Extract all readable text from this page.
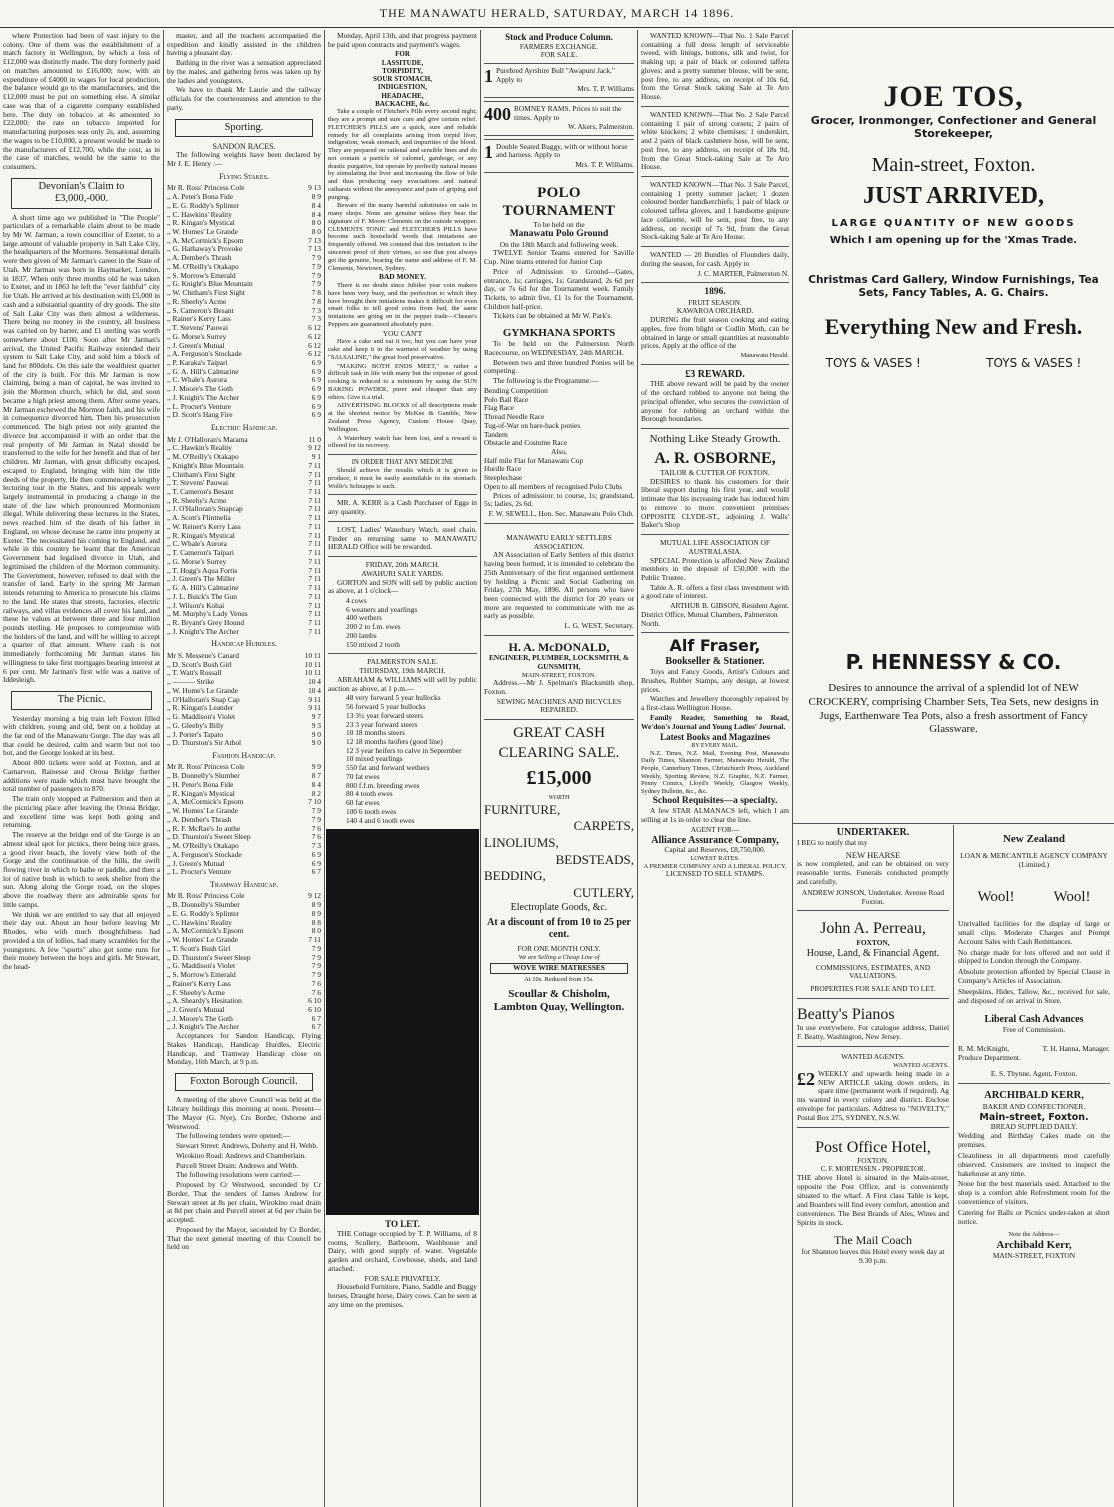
THE MANAWATU HERALD, SATURDAY, MARCH 14 1896.

where Protection had been of vast injury to the colony. One of them was the establishment of a match factory in Wellington, by which a loss of £12,000 was distinctly made. The duty formerly paid on matches amounted to £16,000; now, with an expenditure of £4000 in wages for local production, the balance would go to the manufacturers, and the £12,000 must be put on something else. A similar case was that of a cigarette company established here. The duty on tobacco at 4s amounted to £22,000; the rate on tobacco imported for manufacturing purposes was only 2s, and, assuming the wages to be £10,000, a present would be made to the manufacturers of £12,700, while the cost, as in the case of matches, would be the same to the consumers.

Devonian's Claim to £3,000,-000.

A short time ago we published in "The People" particulars of a remarkable claim about to be made by Mr W. Jarman, a town councillor of Exeter, to a large amount of valuable property in Salt Lake City, the headquarters of the Mormons. Sensational details were then given of Mr Jarman's career in the State of Utah. Mr Jarman was born in Haymarket, London, in 1837. When only three months old he was taken to Exeter, and in 1863 he left the "ever faithful" city for Utah. He arrived at his destination with £5,000 in cash and a substantial quantity of dry goods. The site of Salt Lake City was then almost a wilderness. There being no money in the country, all business was carried on by barter, and £1 sterling was worth somewhere about £100. Soon after Mr Jarman's arrival, the United Pacific Railway extended their system to Salt Lake City, and sold him a block of land for 800dols. On this sale the wealthiest quarter of the city is built. For this Mr Jarman is now claiming, being a man of capital, he was invited to join the Mormon church, which he did, and soon became a high priest among them. After some years, Mr Jarman eschewed the Mormon faith, and his wife in consequence divorced him. Then his prosecution commenced. The high priest not only granted the divorce but accompanied it with an order that the real property of Mr Jarman in Natal should be transferred to the wife for her benefit and that of her children. Mr Jarman, with great difficulty escaped, escaped to England, bringing with him the title deeds of the property. He then commenced a lengthy lecturing tour in the States, and his appeals were largely instrumental in producing a change in the state of the law which pronounced Mormonism illegal. While delivering these lectures in the States, news reached him of the death of his father in England, on whose decease he came into property at Exeter. The necessitated his coming to England, and while in this country he learnt that the American Government had legalised divorce in Utah, and legitimised the children of the Mormon community. The Government, however, refused to deal with the transfer of land. Early in the spring Mr Jarman intends returning to America to prosecute his claims to the land. He states that streets, factories, electric railways, and villas evidences all cover his land, and these he values at between three and four million pounds sterling. He proposes to compromise with the holders of the land, and will be willing to accept a quarter of that amount. Where cash is not immediately forthcoming Mr Jarman states his willingness to take first mortgages bearing interest at 6 per cent. Mr Jarman's first wife was a native of Iddesleigh.

The Picnic.

Yesterday morning a big train left Foxton filled with children, young and old, bent on a holiday at the far end of the Manawatu Gorge. The day was all that could be desired, calm and warm but not too hot, and the George looked at its best.

About 800 tickets were sold at Foxton, and at Carnarvon, Rainesse and Oroua Bridge further additions were made which must have brought the total number of passengers to 870.

The train only stopped at Palmerston and then at the picnicing place after leaving the Oroua Bridge, and excellent time was kept both going and returning.

The reserve at the bridge end of the Gorge is an almost ideal spot for picnics, there being nice grass, a good river beach, the lovely view both of the Gorge and the continuation of the hills, the swift flowing river in which to bathe or paddle, and then a lot of native bush in which to seek shelter from the sun. Along along the Gorge road, on the slopes above the roadway there are admirable spots for little camps.

We think we are entitled to say that all enjoyed their day out. About an hour before leaving Mr Rhodes, who with much thoughtfulness had provided a tin of lollies, had many scrambles for the youngsters. A few "sports" also got some runs for their money between the boys and girls. Mr Stewart, the head-

master, and all the teachers accompanied the expedition and kindly assisted in the children having a pleasant day.

Bathing in the river was a sensation appreciated by the males, and gathering ferns was taken up by the ladies and youngsters.

We have to thank Mr Laurie and the railway officials for the courteousness and attention to the party.

Sporting.
SANDON RACES.

The following weights have been declared by Mr J. E. Henry :—

Flying Stakes.
Mr R. Ross' Princess Cole	9 13
,, A. Peter's Bona Fide	8 9
,, E. G. Roddy's Splinter	8 4
,, C. Hawkins' Reality	8 4
,, R. Kingan's Mystical	8 0
,, W. Homes' Le Grande	8 0
,, A. McCormick's Epsom	7 13
,, G. Hathaway's Provoke	7 13
,, A. Dember's Thrash	7 9
,, M. O'Reilly's Otakapo	7 9
,, S. Morrow's Emerald	7 9
,, G. Knight's Blue Mountain	7 9
,, W. Chitham's First Sight	7 8
,, R. Sheehy's Acme	7 8
,, S. Cameron's Besant	7 3
,, Rainer's Kerry Lass	7 3
,, T. Stevens' Pauwai	6 12
,, G. Morse's Surrey	6 12
,, J. Green's Mutual	6 12
,, A. Ferguson's Stockade	6 12
,, P. Karaka's Taipari	6 9
,, G. A. Hill's Calmarine	6 9
,, C. Whale's Aurora	6 9
,, J. Moore's The Goth	6 9
,, J. Knight's The Archer	6 9
,, L. Procter's Venture	6 9
,, D. Scott's Hang Fire	6 9
Electric Handicap.
Mr J. O'Halloran's Marama	11 0
,, C. Hawkin's Reality	9 12
,, M. O'Reilly's Otakapo	9 1
,, Knight's Blue Mountain	7 11
,, Chitham's First Sight	7 11
,, T. Stevens' Pauwai	7 11
,, T. Cameron's Besant	7 11
,, R. Sheehy's Acme	7 11
,, J. O'Halloran's Snapcap	7 11
,, A. Scott's Flintnelia	7 11
,, W. Reiner's Kerry Lass	7 11
,, R. Kingan's Mystical	7 11
,, C. Whale's Aurora	7 11
,, T. Cameron's Taipari	7 11
,, G. Morse's Surrey	7 11
,, T. Hogg's Aqua Fortis	7 11
,, J. Green's The Miller	7 11
,, G. A. Hill's Calmarine	7 11
,, J. L. Buick's The Gun	7 11
,, J. Wilson's Kohai	7 11
,, M. Murphy's Lady Venus	7 11
,, R. Bryant's Grey Hound	7 11
,, J. Knight's The Archer	7 11
Handicap Hurdles.
Mr S. Messene's Canard	10 11
,, D. Scott's Bush Girl	10 11
,, T. Watt's Rossall	10 11
,, ——— Strike	10 4
,, W. Home's Le Grande	10 4
,, O'Halloran's Snap Cap	9 11
,, R. Kingan's Leander	9 11
,, G. Maddison's Violet	9 7
,, G. Gleeby's Billy	9 3
,, J. Porter's Tapato	9 0
,, D. Thurston's Sir Athol	9 0
Fashion Handicap.
Mr R. Ross' Princess Cole	9 9
,, B. Donnelly's Slumber	8 7
,, H. Peter's Bona Fide	8 4
,, R. Kingan's Mystical	8 2
,, A. McCormick's Epsom	7 10
,, W. Homes' Le Grande	7 9
,, A. Dember's Thrash	7 9
,, R. F. McRae's Jo anthe	7 6
,, D. Thurston's Sweet Sleep	7 6
,, M. O'Reilly's Otakapo	7 3
,, A. Ferguson's Stockade	6 9
,, J. Green's Mutual	6 9
,, L. Procter's Venture	6 7
Tramway Handicap.
Mr R. Ross' Princess Cole	9 12
,, B. Donnelly's Slumber	8 9
,, E. G. Roddy's Splinter	8 9
,, C. Hawkins' Reality	8 8
,, A. McCormick's Epsom	8 0
,, W. Homes' Le Grande	7 11
,, T. Scott's Bush Girl	7 9
,, D. Thurston's Sweet Sleep	7 9
,, G. Maddison's Violet	7 9
,, S. Morrow's Emerald	7 9
,, Rainer's Kerry Lass	7 6
,, F. Sheehy's Acme	7 6
,, A. Sheardy's Hesitation	6 10
,, J. Green's Mutual	6 10
,, J. Moore's The Goth	6 7
,, J. Knight's The Archer	6 7

Acceptances for Sandon Handicap, Flying Stakes Handicap, Handicap Hurdles, Electric Handicap, and Tramway Handicap close on Monday, 16th March, at 9 p.m.

Foxton Borough Council.

A meeting of the above Council was held at the Library buildings this morning at noon. Present—The Mayor (G. Nye), Crs Border, Osborne and Westwood.

The following tenders were opened:—

Stewart Street: Andrews, Doherty and H. Webb.

Wirokino Road: Andrews and Chamberlain.

Purcell Street Drain: Andrews and Webb.

The following resolutions were carried:—

Proposed by Cr Westwood, seconded by Cr Border, That the tenders of James Andrew for Stewart street at 8s per chain, Wirokino road drain at 8d per chain and Purcell street at 6d per chain be accepted.

Proposed by the Mayor, seconded by Cr Border, That the next general meeting of this Council be held on

Monday, April 13th, and that progress payment be paid upon contracts and payment's wages.

FOR
LASSITUDE,
TORPIDITY,
SOUR STOMACH,
INDIGESTION,
HEADACHE,
BACKACHE, &c.

Take a couple of Fletcher's Pills every second night; they are a prompt and sure cure and give certain relief. FLETCHER'S PILLS are a quick, sure and reliable remedy for all complaints arising from torpid liver, indigestion, weak stomach, and impurities of the blood. They are prepared on rational and sensible lines and do not contain a particle of calomel, gamboge, or any drastic purgative, but operate by perfectly natural means by stimulating the liver and increasing the flow of bile and thus producing easy evacuations and natural catharsis without the annoyance and pain of griping and purging.

Beware of the many harmful substitutes on sale in many shops. None are genuine unless they bear the signature of F. Moore Clements on the outside wrapper. CLEMENTS TONIC and FLETCHER'S PILLS have become such household words that imitations are frequently offered. We contend that this imitation is the sincerest proof of their virtues, so see that you always get the genuine, bearing the name and address of F. M. Clements, Newtown, Sydney.

BAD MONEY.

There is no doubt since Jubilee year coin makers have been very busy, and the perfection to which they have brought their imitations makes it difficult for even smart folks to tell good coins from bad, the same imitations are going on in the pepper trade—Chease's Peppers are guaranteed absolutely pure.

YOU CAN'T

Have a cake and eat it too, but you can have your cake and keep it in the warmest of weather by using "SALSALINE," the great food preservative.

"MAKING BOTH ENDS MEET," is rather a difficult task in life with many but the expense of good cooking is reduced to a minimum by using the SUN BAKING POWDER, purer and cheaper than any others. Give it a trial.

ADVERTISING BLOCKS of all descriptions made at the shortest notice by McKee & Gamble, New Zealand Press Agency, Custom House Quay, Wellington.

A Waterbury watch has been lost, and a reward is offered for its recovery.

IN ORDER THAT ANY MEDICINE

Should achieve the results which it is given to produce, it must be easily assimilable to the stomach. Wolfe's Schnapps is such.

MR. A. KERR is a Cash Purchaser of Eggs in any quantity.

LOST, Ladies' Waterbury Watch, steel chain. Finder on returning same to MANAWATU HERALD Office will be rewarded.

FRIDAY, 20th MARCH.
AWAHURI SALE YARDS.

GORTON and SON will sell by public auction as above, at 1 o'clock—

4 cows
6 weaners and yearlings
400 wethers
200 2 to f.m. ewes
200 lambs
150 mixed 2 tooth
PALMERSTON SALE.
THURSDAY, 19th MARCH.

ABRAHAM & WILLIAMS will sell by public auction as above, at 1 p.m.—

48 very forward 5 year bullocks
56 forward 5 year bullocks
13 3½ year forward steers
23 3 year forward steers
10 18 months steers
12 18 months heifers (good line)
12 3 year heifers to calve in September
10 mixed yearlings
550 fat and forward wethers
70 fat ewes
800 f.f.m. breeding ewes
80 4 tooth ewes
60 fat ewes
100 6 tooth ewes
140 4 and 6 tooth ewes
TO LET.

THE Cottage occupied by T. P. Williams, of 8 rooms, Scullery, Bathroom, Washhouse and Dairy, with good supply of water. Vegetable garden and orchard, Cowhouse, sheds, and land attached.

FOR SALE PRIVATELY.

Household Furniture, Piano, Saddle and Buggy horses, Draught horse, Dairy cows. Can be seen at any time on the premises.

Stock and Produce Column.
FARMERS EXCHANGE.
FOR SALE.
1 Purebred Ayrshire Bull "Awapuni Jack." Apply to
Mrs. T. P. Williams
400 ROMNEY RAMS. Prices to suit the times. Apply to
W. Akers, Palmerston.
1 Double Seated Buggy, with or without horse and harness. Apply to
Mrs. T. P. Williams.
POLO TOURNAMENT
To be held on the
Manawatu Polo Ground
On the 18th March and following week.

TWELVE Senior Teams entered for Saville Cup. Nine teams entered for Junior Cup

Price of Admission to Ground—Gates, entrance, 1s; carriages, 1s; Grandstand, 2s 6d per day, or 7s 6d for the Tournament week. Family Tickets, to admit five, £1 1s for the Tournament. Children half-price.

Tickets can be obtained at Mr W. Park's.

GYMKHANA SPORTS

To be held on the Palmerston North Racecourse, on WEDNESDAY, 24th MARCH.

Between two and three hundred Ponies will be competing.

The following is the Programme:—

Bending Competition
Polo Ball Race
Flag Race
Thread Needle Race
Tug-of-War on bare-back ponies
Tandem
Obstacle and Costume Race
Also,
Half mile Flat for Manawatu Cup
Hurdle Race
Steeplechase
Open to all members of recognised Polo Clubs

Prices of admission: to course, 1s; grandstand, 5s; ladies, 2s 6d.

F. W. SEWELL, Hon. Sec. Manawatu Polo Club.
MANAWATU EARLY SETTLERS ASSOCIATION.

AN Association of Early Settlers of this district having been formed, it is intended to celebrate the 25th Anniversary of the first organised settlement by holding a Picnic and Social Gathering on Friday, 27th May, 1896. All persons who have been connected with the district for 20 years or more are requested to communicate with me as early as possible.

L. G. WEST, Secretary.
H. A. McDONALD,
ENGINEER, PLUMBER, LOCKSMITH, & GUNSMITH,
MAIN-STREET, FOXTON.

Address.—Mr J. Spelman's Blacksmith shop, Foxton.

SEWING MACHINES AND BICYCLES REPAIRED.
GREAT CASH CLEARING SALE.
£15,000
WORTH
FURNITURE,
CARPETS,
LINOLIUMS,
BEDSTEADS,
BEDDING,
CUTLERY,
Electroplate Goods, &c.
At a discount of from 10 to 25 per cent.
FOR ONE MONTH ONLY.
We are Selling a Cheap Line of
WOVE WIRE MATRESSES
At 10s. Reduced from 15s.
Scoullar & Chisholm,
Lambton Quay, Wellington.

WANTED KNOWN—That No. 1 Sale Parcel containing a full dress length of serviceable tweed, with linings, buttons, silk and twist, for making up; a pair of black or coloured taffeta gloves; and a pretty summer blouse, will be sent, post free, to any address, on receipt of 10s 6d, from the Great Stock taking Sale at Te Aro House.

WANTED KNOWN—That No. 2 Sale Parcel containing 1 pair of strong corsets; 2 pairs of white knickers; 2 white chemises; 1 underskirt, and 2 pairs of black cashmere hose, will be sent, post free, to any address, on receipt of 18s 9d, from the Great Stock-taking Sale at Te Aro House.

WANTED KNOWN—That No. 3 Sale Parcel, containing 1 pretty summer jacket; 1 dozen coloured border handkerchiefs; 1 pair of black or coloured taffeta gloves, and 1 handsome guipure lace collarette, will be sent, post free, to any address, on receipt of 7s 9d, from the Great Stock-taking Sale at Te Aro House.

WANTED — 20 Bundles of Flounders daily, during the season, for cash. Apply to

J. C. MARTER, Palmerston N.
1896.
FRUIT SEASON.
KAWAROA ORCHARD.

DURING the fruit season cooking and eating apples, free from blight or Codlin Moth, can be obtained in large or small quantities at reasonable prices. Apply at the office of the

Manawatu Herald.
£3 REWARD.

THE above reward will be paid by the owner of the orchard robbed to anyone not being the principal offender, who secures the conviction of anyone for robbing an orchard within the Borough boundaries.

Nothing Like Steady Growth.
A. R. OSBORNE,
TAILOR & CUTTER OF FOXTON.

DESIRES to thank his customers for their liberal support during his first year, and would intimate that his increasing trade has induced him to remove to more convenient premises OPPOSITE CLYDE-ST., adjoining J. Walls' Baker's Shop

MUTUAL LIFE ASSOCIATION OF AUSTRALASIA.

SPECIAL Protection is afforded New Zealand members in the deposit of £50,000 with the Public Trustee.

Table A. R. offers a first class investment with a good rate of interest.

ARTHUR B. GIBSON, Resident Agent.
District Office, Mutual Chambers, Palmerston North.
Alf Fraser,
Bookseller & Stationer.

Toys and Fancy Goods, Artist's Colours and Brushes, Rubber Stamps, any design, at lowest prices.

Watches and Jewellery thoroughly repaired by a first-class Wellington House.

Family Reader, Something to Read, We'don's Journal and Young Ladies' Journal.

Latest Books and Magazines
BY EVERY MAIL.

N.Z. Times, N.Z. Mail, Evening Post, Manawatu Daily Times, Shannon Farmer, Manawatu Herald, The People, Canterbury Times, Christchurch Press, Auckland Weekly, Sporting Review, N.Z. Graphic, N.Z. Farmer, Penny Comics, Lloyd's Weekly, Glasgow Weekly, Sydney Bulletin, &c., &c.

School Requisites—a specialty.

A few STAR ALMANACS left, which I am selling at 1s in order to clear the line.

AGENT FOR—
Alliance Assurance Company,
Capital and Reserves, £8,750,000.
LOWEST RATES.
A PREMIER COMPANY AND A LIBERAL POLICY.
LICENSED TO SELL STAMPS.
JOE TOS,
Grocer, Ironmonger, Confectioner and General Storekeeper,
Main-street, Foxton.
JUST ARRIVED,
LARGE QUANTITY OF NEW GOODS
Which I am opening up for the 'Xmas Trade.
Christmas Card Gallery, Window Furnishings, Tea Sets, Fancy Tables, A. G. Chairs.
Everything New and Fresh.
TOYS & VASES !	TOYS & VASES !
P. HENNESSY & CO.
Desires to announce the arrival of a splendid lot of NEW CROCKERY, comprising Chamber Sets, Tea Sets, new designs in Jugs, Earthenware Tea Pots, also a fresh assortment of Fancy Glassware.
UNDERTAKER.

I BEG to notify that my

NEW HEARSE

is now completed, and can be obtained on very reasonable terms. Funerals conducted promptly and carefully.

ANDREW JONSON, Undertaker. Avenue Road Foxton.
John A. Perreau,
FOXTON,
House, Land, & Financial Agent.
COMMISSIONS, ESTIMATES, AND VALUATIONS.
PROPERTIES FOR SALE AND TO LET.
Beatty's Pianos

In use everywhere. For catalogue address, Daniel F. Beatty, Washington, New Jersey.

WANTED AGENTS.
WANTED AGENTS.
£2 WEEKLY and upwards being made in a NEW ARTICLE taking down orders, in spare time (permanent work if required). Ag nts wanted in every colony and district. Enclose envelope for particulars. Address to "NOVELTY," Postal Box 275, SYDNEY, N.S.W.

Post Office Hotel,
FOXTON.
C. F. MORTENSEN - PROPRIETOR.

THE above Hotel is situated in the Main-street, opposite the Post Office, and is conveniently situated to the wharf. A First class Table is kept, and Boarders will find every comfort, attention and convenience. The Best Brands of Ales, Wines and Spirits in stock.

The Mail Coach
for Shannon leaves this Hotel every week day at 9.30 p.m.
New Zealand
LOAN & MERCANTILE AGENCY COMPANY (Limited.)
Wool!	Wool!

Unrivalled facilities for the display of large or small clips. Moderate Charges and Prompt Account Sales with Cash Remittances.

No charge made for lots offered and not sold if shipped to London through the Company.

Absolute protection afforded by Special Clause in Company's Articles of Association.

Sheepskins, Hides, Tallow, &c., received for sale, and disposed of on arrival in Store.

Liberal Cash Advances
Free of Commission.
R. M. McKnight, Produce Department.
T. H. Hanna, Manager.
E. S. Thynne, Agent, Foxton.
ARCHIBALD KERR,
BAKER AND CONFECTIONER.
Main-street, Foxton.
BREAD SUPPLIED DAILY.

Wedding and Birthday Cakes made on the premises.

Cleanliness in all departments most carefully observed. Customers are invited to inspect the bakehouse at any time.

None but the best materials used. Attached to the shop is a comfort able Refreshment room for the convenience of visitors.

Catering for Balls or Picnics under-taken at short notice.

Note the Address—
Archibald Kerr,
MAIN-STREET, FOXTON
